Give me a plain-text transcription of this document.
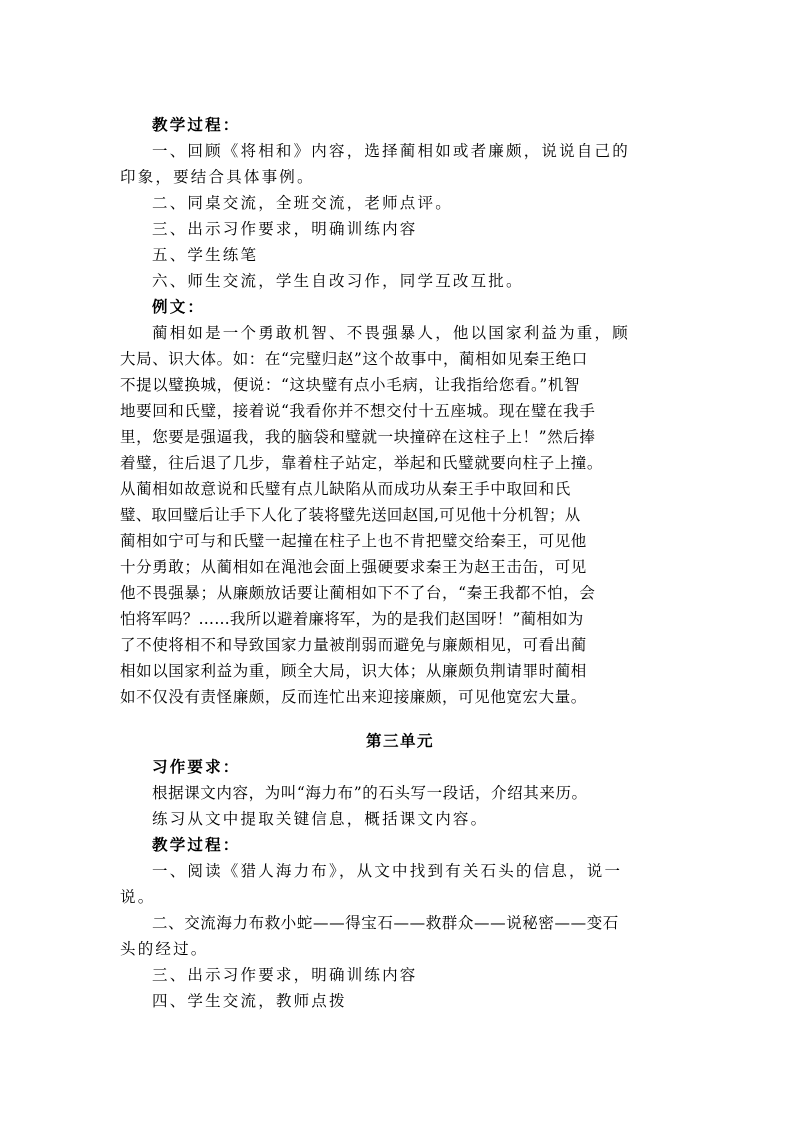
教学过程：
一、回顾《将相和》内容，选择蔺相如或者廉颇，说说自己的
印象，要结合具体事例。
二、同桌交流，全班交流，老师点评。
三、出示习作要求，明确训练内容
五、学生练笔
六、师生交流，学生自改习作，同学互改互批。
例文：
蔺相如是一个勇敢机智、不畏强暴人，他以国家利益为重，顾
大局、识大体。如：在“完璧归赵”这个故事中，蔺相如见秦王绝口
不提以璧换城，便说：“这块璧有点小毛病，让我指给您看。”机智
地要回和氏璧，接着说“我看你并不想交付十五座城。现在璧在我手
里，您要是强逼我，我的脑袋和璧就一块撞碎在这柱子上！”然后捧
着璧，往后退了几步，靠着柱子站定，举起和氏璧就要向柱子上撞。
从蔺相如故意说和氏璧有点儿缺陷从而成功从秦王手中取回和氏
璧、取回璧后让手下人化了装将璧先送回赵国,可见他十分机智；从
蔺相如宁可与和氏璧一起撞在柱子上也不肯把璧交给秦王，可见他
十分勇敢；从蔺相如在渑池会面上强硬要求秦王为赵王击缶，可见
他不畏强暴；从廉颇放话要让蔺相如下不了台，“秦王我都不怕，会
怕将军吗？……我所以避着廉将军，为的是我们赵国呀！”蔺相如为
了不使将相不和导致国家力量被削弱而避免与廉颇相见，可看出蔺
相如以国家利益为重，顾全大局，识大体；从廉颇负荆请罪时蔺相
如不仅没有责怪廉颇，反而连忙出来迎接廉颇，可见他宽宏大量。
第三单元
习作要求：
根据课文内容，为叫“海力布”的石头写一段话，介绍其来历。
练习从文中提取关键信息，概括课文内容。
教学过程：
一、阅读《猎人海力布》，从文中找到有关石头的信息，说一
说。
二、交流海力布救小蛇——得宝石——救群众——说秘密——变石
头的经过。
三、出示习作要求，明确训练内容
四、学生交流，教师点拨
